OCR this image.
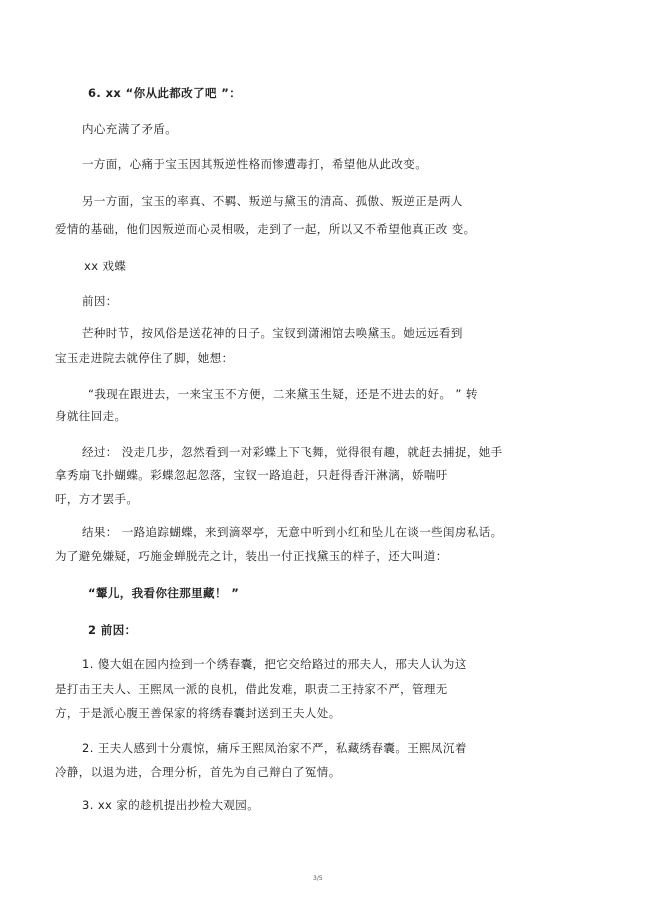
6. xx “你从此都改了吧 ”：

内心充满了矛盾。

一方面，心痛于宝玉因其叛逆性格而惨遭毒打，希望他从此改变。

另一方面，宝玉的率真、不羁、叛逆与黛玉的清高、孤傲、叛逆正是两人

爱情的基础，他们因叛逆而心灵相吸，走到了一起，所以又不希望他真正改 变。

xx 戏蝶

前因：

芒种时节，按风俗是送花神的日子。宝钗到潇湘馆去唤黛玉。她远远看到

宝玉走进院去就停住了脚，她想：

“我现在跟进去，一来宝玉不方便，二来黛玉生疑，还是不进去的好。 ” 转

身就往回走。

经过： 没走几步，忽然看到一对彩蝶上下飞舞，觉得很有趣，就赶去捕捉，她手

拿秀扇飞扑蝴蝶。彩蝶忽起忽落，宝钗一路追赶，只赶得香汗淋漓，娇喘吁

吁，方才罢手。

结果： 一路追踪蝴蝶，来到滴翠亭，无意中听到小红和坠儿在谈一些闺房私话。

为了避免嫌疑，巧施金蝉脱壳之计，装出一付正找黛玉的样子，还大叫道：

“颦儿，我看你往那里藏！ ”

2 前因：

1. 傻大姐在园内捡到一个绣春囊，把它交给路过的邢夫人，邢夫人认为这

是打击王夫人、王熙凤一派的良机，借此发难，职责二王持家不严，管理无

方，于是派心腹王善保家的将绣春囊封送到王夫人处。

2. 王夫人感到十分震惊，痛斥王熙凤治家不严，私藏绣春囊。王熙凤沉着

冷静，以退为进，合理分析，首先为自己辩白了冤情。

3. xx 家的趁机提出抄检大观园。

3/5
